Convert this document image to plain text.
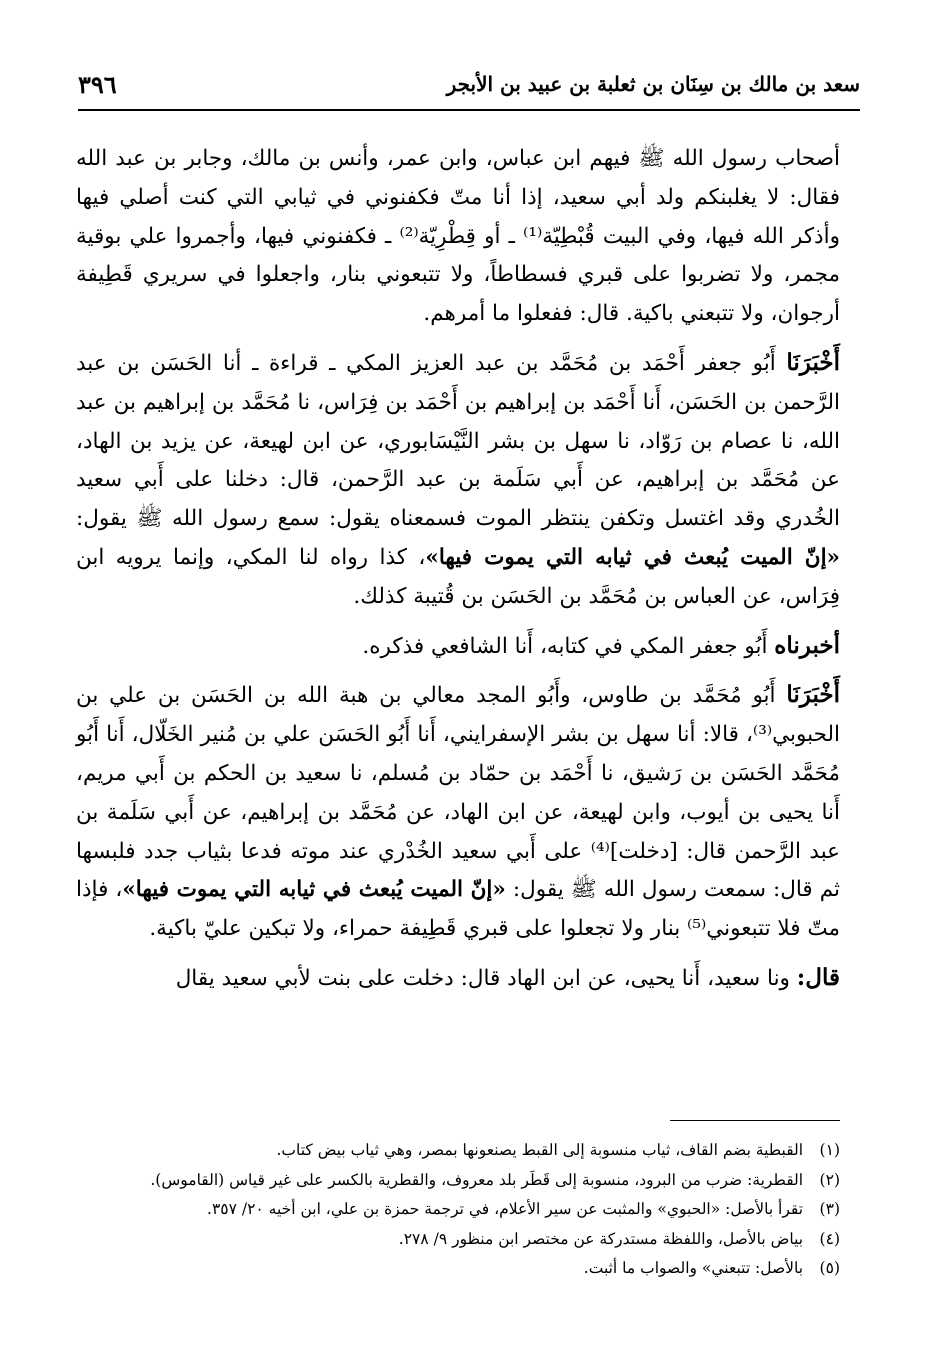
سعد بن مالك بن سِنَان بن ثعلبة بن عبيد بن الأبجر
٣٩٦

أصحاب رسول الله ﷺ فيهم ابن عباس، وابن عمر، وأنس بن مالك، وجابر بن عبد الله فقال: لا يغلبنكم ولد أبي سعيد، إذا أنا متّ فكفنوني في ثيابي التي كنت أصلي فيها وأذكر الله فيها، وفي البيت قُبْطِيّة⁽¹⁾ ـ أو قِطْرِيّة⁽²⁾ ـ فكفنوني فيها، وأجمروا علي بوقية مجمر، ولا تضربوا على قبري فسطاطاً، ولا تتبعوني بنار، واجعلوا في سريري قَطِيفة أرجوان، ولا تتبعني باكية. قال: ففعلوا ما أمرهم.

أَخْبَرَنَا أَبُو جعفر أَحْمَد بن مُحَمَّد بن عبد العزيز المكي ـ قراءة ـ أنا الحَسَن بن عبد الرَّحمن بن الحَسَن، أَنا أَحْمَد بن إبراهيم بن أَحْمَد بن فِرَاس، نا مُحَمَّد بن إبراهيم بن عبد الله، نا عصام بن رَوّاد، نا سهل بن بشر النَّيْسَابوري، عن ابن لهيعة، عن يزيد بن الهاد، عن مُحَمَّد بن إبراهيم، عن أَبي سَلَمة بن عبد الرَّحمن، قال: دخلنا على أَبي سعيد الخُدري وقد اغتسل وتكفن ينتظر الموت فسمعناه يقول: سمع رسول الله ﷺ يقول: «إنّ الميت يُبعث في ثيابه التي يموت فيها»، كذا رواه لنا المكي، وإنما يرويه ابن فِرَاس، عن العباس بن مُحَمَّد بن الحَسَن بن قُتيبة كذلك.

أخبرناه أَبُو جعفر المكي في كتابه، أَنا الشافعي فذكره.

أَخْبَرَنَا أَبُو مُحَمَّد بن طاوس، وأَبُو المجد معالي بن هبة الله بن الحَسَن بن علي بن الحبوبي⁽³⁾، قالا: أنا سهل بن بشر الإسفرايني، أَنا أَبُو الحَسَن علي بن مُنير الخَلّال، أَنا أَبُو مُحَمَّد الحَسَن بن رَشيق، نا أَحْمَد بن حمّاد بن مُسلم، نا سعيد بن الحكم بن أَبي مريم، أَنا يحيى بن أيوب، وابن لهيعة، عن ابن الهاد، عن مُحَمَّد بن إبراهيم، عن أَبي سَلَمة بن عبد الرَّحمن قال: [دخلت]⁽⁴⁾ على أَبي سعيد الخُدْري عند موته فدعا بثياب جدد فلبسها ثم قال: سمعت رسول الله ﷺ يقول: «إنّ الميت يُبعث في ثيابه التي يموت فيها»، فإذا متّ فلا تتبعوني⁽⁵⁾ بنار ولا تجعلوا على قبري قَطِيفة حمراء، ولا تبكين عليّ باكية.

قال: ونا سعيد، أَنا يحيى، عن ابن الهاد قال: دخلت على بنت لأبي سعيد يقال

(١) القبطية بضم القاف، ثياب منسوبة إلى القبط يصنعونها بمصر، وهي ثياب بيض كتاب.
(٢) القطرية: ضرب من البرود، منسوبة إلى قَطَر بلد معروف، والقطرية بالكسر على غير قياس (القاموس).
(٣) تقرأ بالأصل: «الحبوي» والمثبت عن سير الأعلام، في ترجمة حمزة بن علي، ابن أخيه ٢٠/ ٣٥٧.
(٤) بياض بالأصل، واللفظة مستدركة عن مختصر ابن منظور ٩/ ٢٧٨.
(٥) بالأصل: تتبعني» والصواب ما أثبت.
